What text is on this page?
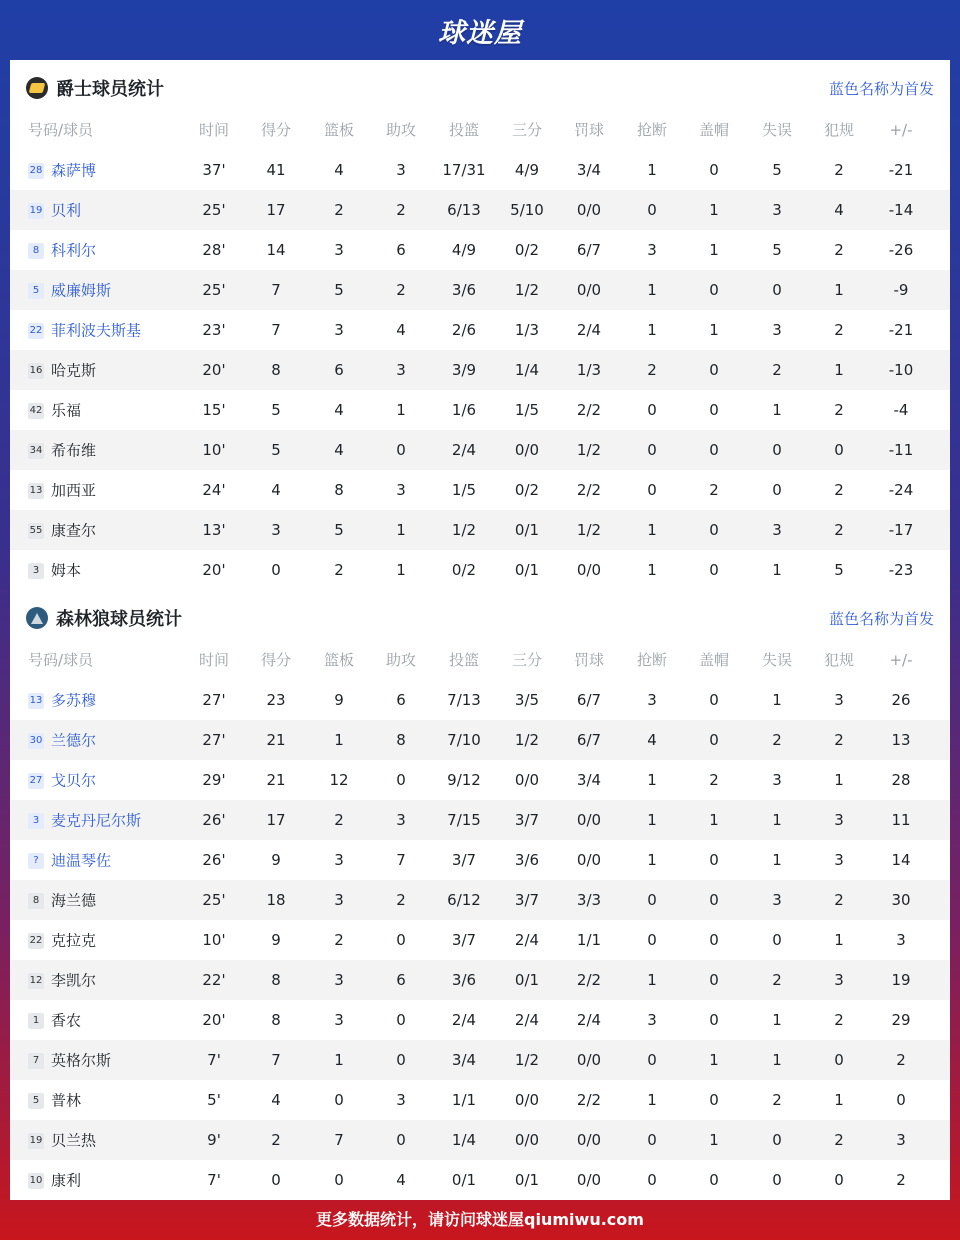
球迷屋
爵士球员统计	蓝色名称为首发
号码/球员	时间	得分	篮板	助攻	投篮	三分	罚球	抢断	盖帽	失误	犯规	+/-
28 森萨博	37'	41	4	3	17/31	4/9	3/4	1	0	5	2	-21
19 贝利	25'	17	2	2	6/13	5/10	0/0	0	1	3	4	-14
8 科利尔	28'	14	3	6	4/9	0/2	6/7	3	1	5	2	-26
5 威廉姆斯	25'	7	5	2	3/6	1/2	0/0	1	0	0	1	-9
22 菲利波夫斯基	23'	7	3	4	2/6	1/3	2/4	1	1	3	2	-21
16 哈克斯	20'	8	6	3	3/9	1/4	1/3	2	0	2	1	-10
42 乐福	15'	5	4	1	1/6	1/5	2/2	0	0	1	2	-4
34 希布维	10'	5	4	0	2/4	0/0	1/2	0	0	0	0	-11
13 加西亚	24'	4	8	3	1/5	0/2	2/2	0	2	0	2	-24
55 康查尔	13'	3	5	1	1/2	0/1	1/2	1	0	3	2	-17
3 姆本	20'	0	2	1	0/2	0/1	0/0	1	0	1	5	-23
森林狼球员统计	蓝色名称为首发
号码/球员	时间	得分	篮板	助攻	投篮	三分	罚球	抢断	盖帽	失误	犯规	+/-
13 多苏穆	27'	23	9	6	7/13	3/5	6/7	3	0	1	3	26
30 兰德尔	27'	21	1	8	7/10	1/2	6/7	4	0	2	2	13
27 戈贝尔	29'	21	12	0	9/12	0/0	3/4	1	2	3	1	28
3 麦克丹尼尔斯	26'	17	2	3	7/15	3/7	0/0	1	1	1	3	11
? 迪温琴佐	26'	9	3	7	3/7	3/6	0/0	1	0	1	3	14
8 海兰德	25'	18	3	2	6/12	3/7	3/3	0	0	3	2	30
22 克拉克	10'	9	2	0	3/7	2/4	1/1	0	0	0	1	3
12 李凯尔	22'	8	3	6	3/6	0/1	2/2	1	0	2	3	19
1 香农	20'	8	3	0	2/4	2/4	2/4	3	0	1	2	29
7 英格尔斯	7'	7	1	0	3/4	1/2	0/0	0	1	1	0	2
5 普林	5'	4	0	3	1/1	0/0	2/2	1	0	2	1	0
19 贝兰热	9'	2	7	0	1/4	0/0	0/0	0	1	0	2	3
10 康利	7'	0	0	4	0/1	0/1	0/0	0	0	0	0	2
更多数据统计，请访问球迷屋qiumiwu.com
